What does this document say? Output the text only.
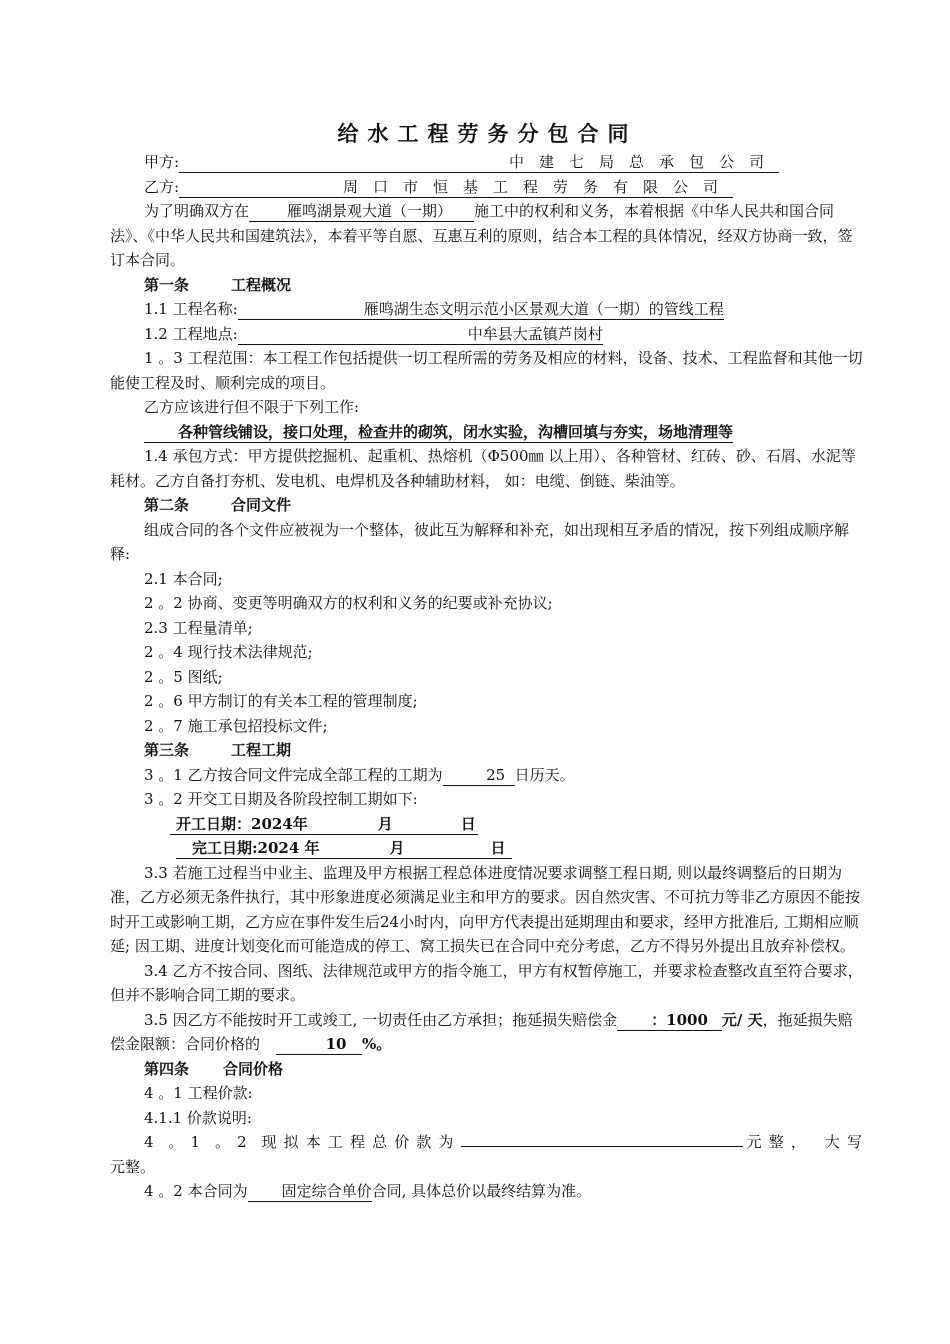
给水工程劳务分包合同
甲方:	中建七局总承包公司
乙方:	周口市恒基工程劳务有限公司

为了明确双方在	雁鸣湖景观大道（一期） 施工中的权利和义务，本着根据《中华人民共和国合同法》、《中华人民共和国建筑法》，本着平等自愿、互惠互利的原则，结合本工程的具体情况，经双方协商一致，签订本合同。

第一条	工程概况

1.1 工程名称:	雁鸣湖生态文明示范小区景观大道（一期）的管线工程

1.2 工程地点:	中牟县大孟镇芦岗村

1 。3 工程范围：本工程工作包括提供一切工程所需的劳务及相应的材料，设备、技术、工程监督和其他一切能使工程及时、顺利完成的项目。

乙方应该进行但不限于下列工作:

各种管线铺设，接口处理，检查井的砌筑，闭水实验，沟槽回填与夯实，场地清理等

1.4 承包方式：甲方提供挖掘机、起重机、热熔机（Φ500㎜ 以上用）、各种管材、红砖、砂、石屑、水泥等耗材。乙方自备打夯机、发电机、电焊机及各种辅助材料， 如：电缆、倒链、柴油等。

第二条	合同文件

组成合同的各个文件应被视为一个整体，彼此互为解释和补充，如出现相互矛盾的情况，按下列组成顺序解释:

2.1 本合同;

2 。2 协商、变更等明确双方的权利和义务的纪要或补充协议;

2.3 工程量清单;

2 。4 现行技术法律规范;

2 。5 图纸;

2 。6 甲方制订的有关本工程的管理制度;

2 。7 施工承包招投标文件;

第三条	工程工期

3 。1 乙方按合同文件完成全部工程的工期为	25 日历天。

3 。2 开交工日期及各阶段控制工期如下:

开工日期：2024年	月	日

完工日期:2024 年	月	日

3.3 若施工过程当中业主、监理及甲方根据工程总体进度情况要求调整工程日期, 则以最终调整后的日期为准，乙方必须无条件执行，其中形象进度必须满足业主和甲方的要求。因自然灾害、不可抗力等非乙方原因不能按时开工或影响工期，乙方应在事件发生后24小时内，向甲方代表提出延期理由和要求，经甲方批准后, 工期相应顺延; 因工期、进度计划变化而可能造成的停工、窝工损失已在合同中充分考虑，乙方不得另外提出且放弃补偿权。

3.4 乙方不按合同、图纸、法律规范或甲方的指令施工，甲方有权暂停施工，并要求检查整改直至符合要求，但并不影响合同工期的要求。

3.5 因乙方不能按时开工或竣工, 一切责任由乙方承担；拖延损失赔偿金 ：1000 元/ 天，拖延损失赔偿金限额：合同价格的	10 %。

第四条 合同价格

4 。1 工程价款:

4.1.1 价款说明:

4 。1 。2 现拟本工程总价款为	元整， 大写

元整。

4 。2 本合同为 固定综合单价合同, 具体总价以最终结算为准。
